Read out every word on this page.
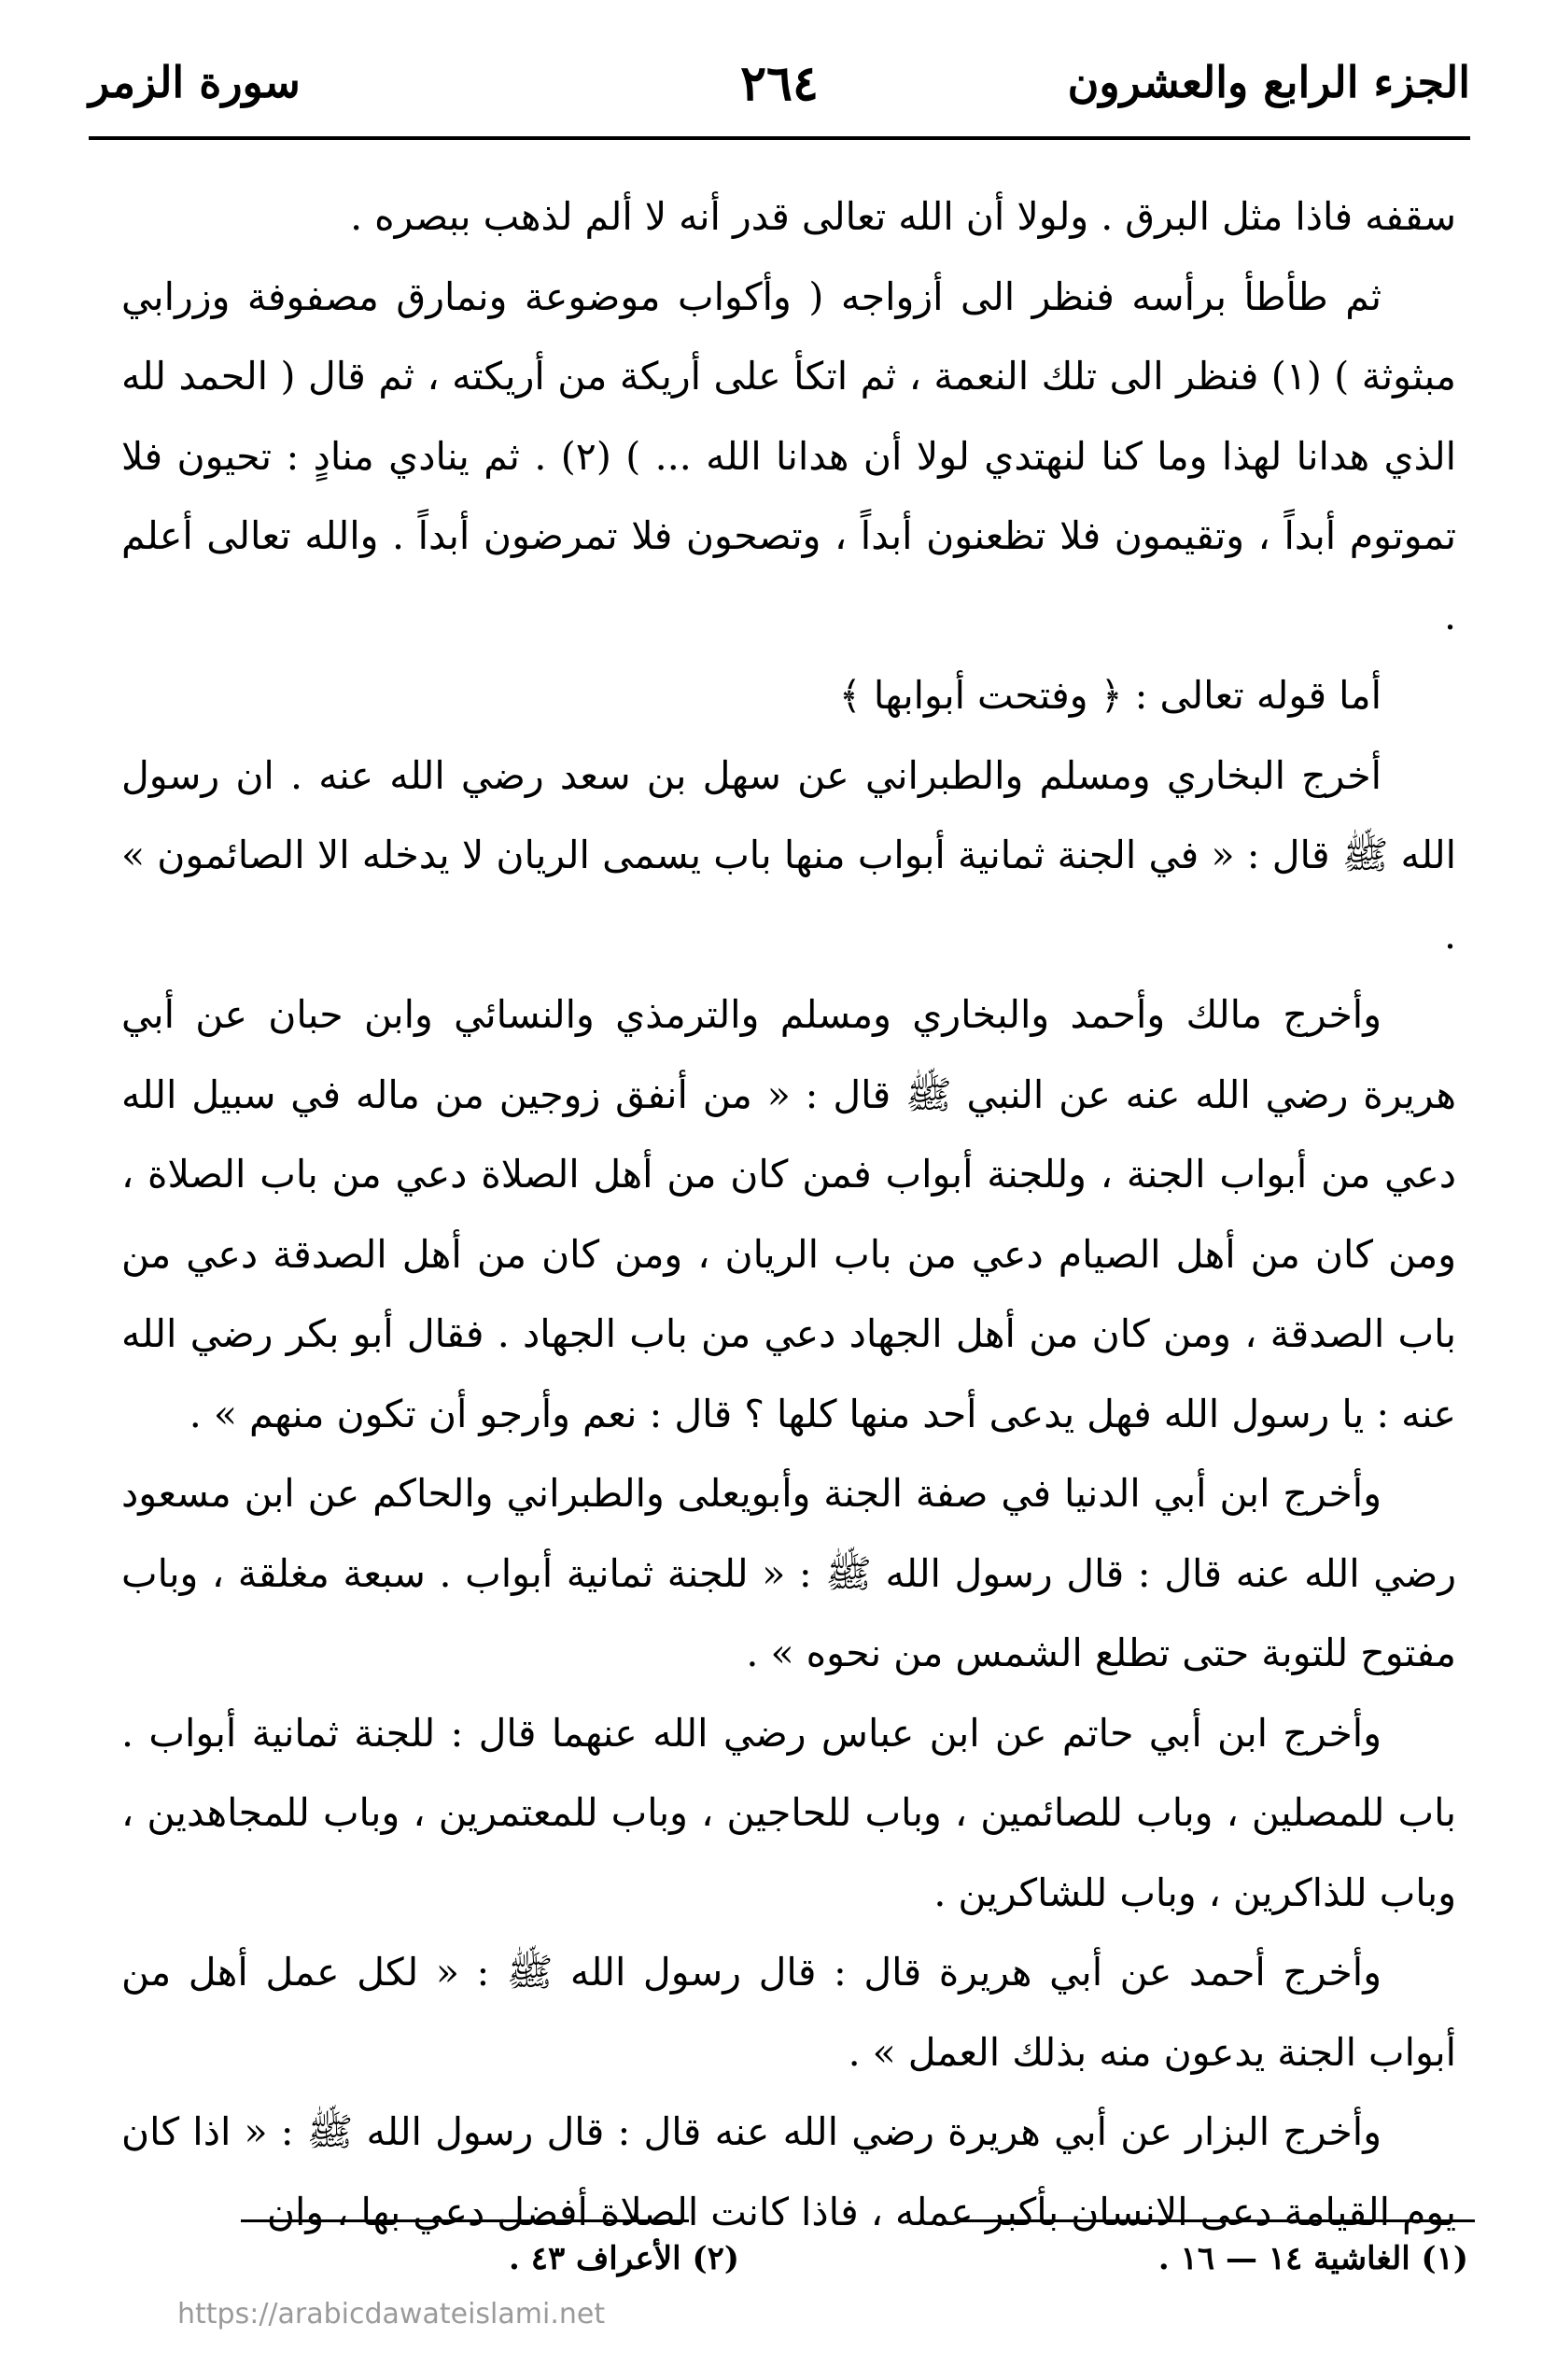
الجزء الرابع والعشرون
٢٦٤
سورة الزمر

سقفه فاذا مثل البرق . ولولا أن الله تعالى قدر أنه لا ألم لذهب ببصره .

ثم طأطأ برأسه فنظر الى أزواجه ( وأكواب موضوعة ونمارق مصفوفة وزرابي مبثوثة ) (١) فنظر الى تلك النعمة ، ثم اتكأ على أريكة من أريكته ، ثم قال ( الحمد لله الذي هدانا لهذا وما كنا لنهتدي لولا أن هدانا الله ... ) (٢) . ثم ينادي منادٍ : تحيون فلا تموتوم أبداً ، وتقيمون فلا تظعنون أبداً ، وتصحون فلا تمرضون أبداً . والله تعالى أعلم .

أما قوله تعالى : ﴿ وفتحت أبوابها ﴾

أخرج البخاري ومسلم والطبراني عن سهل بن سعد رضي الله عنه . ان رسول الله ﷺ قال : « في الجنة ثمانية أبواب منها باب يسمى الريان لا يدخله الا الصائمون » .

وأخرج مالك وأحمد والبخاري ومسلم والترمذي والنسائي وابن حبان عن أبي هريرة رضي الله عنه عن النبي ﷺ قال : « من أنفق زوجين من ماله في سبيل الله دعي من أبواب الجنة ، وللجنة أبواب فمن كان من أهل الصلاة دعي من باب الصلاة ، ومن كان من أهل الصيام دعي من باب الريان ، ومن كان من أهل الصدقة دعي من باب الصدقة ، ومن كان من أهل الجهاد دعي من باب الجهاد . فقال أبو بكر رضي الله عنه : يا رسول الله فهل يدعى أحد منها كلها ؟ قال : نعم وأرجو أن تكون منهم » .

وأخرج ابن أبي الدنيا في صفة الجنة وأبويعلى والطبراني والحاكم عن ابن مسعود رضي الله عنه قال : قال رسول الله ﷺ : « للجنة ثمانية أبواب . سبعة مغلقة ، وباب مفتوح للتوبة حتى تطلع الشمس من نحوه » .

وأخرج ابن أبي حاتم عن ابن عباس رضي الله عنهما قال : للجنة ثمانية أبواب . باب للمصلين ، وباب للصائمين ، وباب للحاجين ، وباب للمعتمرين ، وباب للمجاهدين ، وباب للذاكرين ، وباب للشاكرين .

وأخرج أحمد عن أبي هريرة قال : قال رسول الله ﷺ : « لكل عمل أهل من أبواب الجنة يدعون منه بذلك العمل » .

وأخرج البزار عن أبي هريرة رضي الله عنه قال : قال رسول الله ﷺ : « اذا كان يوم القيامة دعى الانسان بأكبر عمله ، فاذا كانت الصلاة أفضل دعي بها ، وان

(١) الغاشية ١٤ — ١٦ .
(٢) الأعراف ٤٣ .
https://arabicdawateislami.net
